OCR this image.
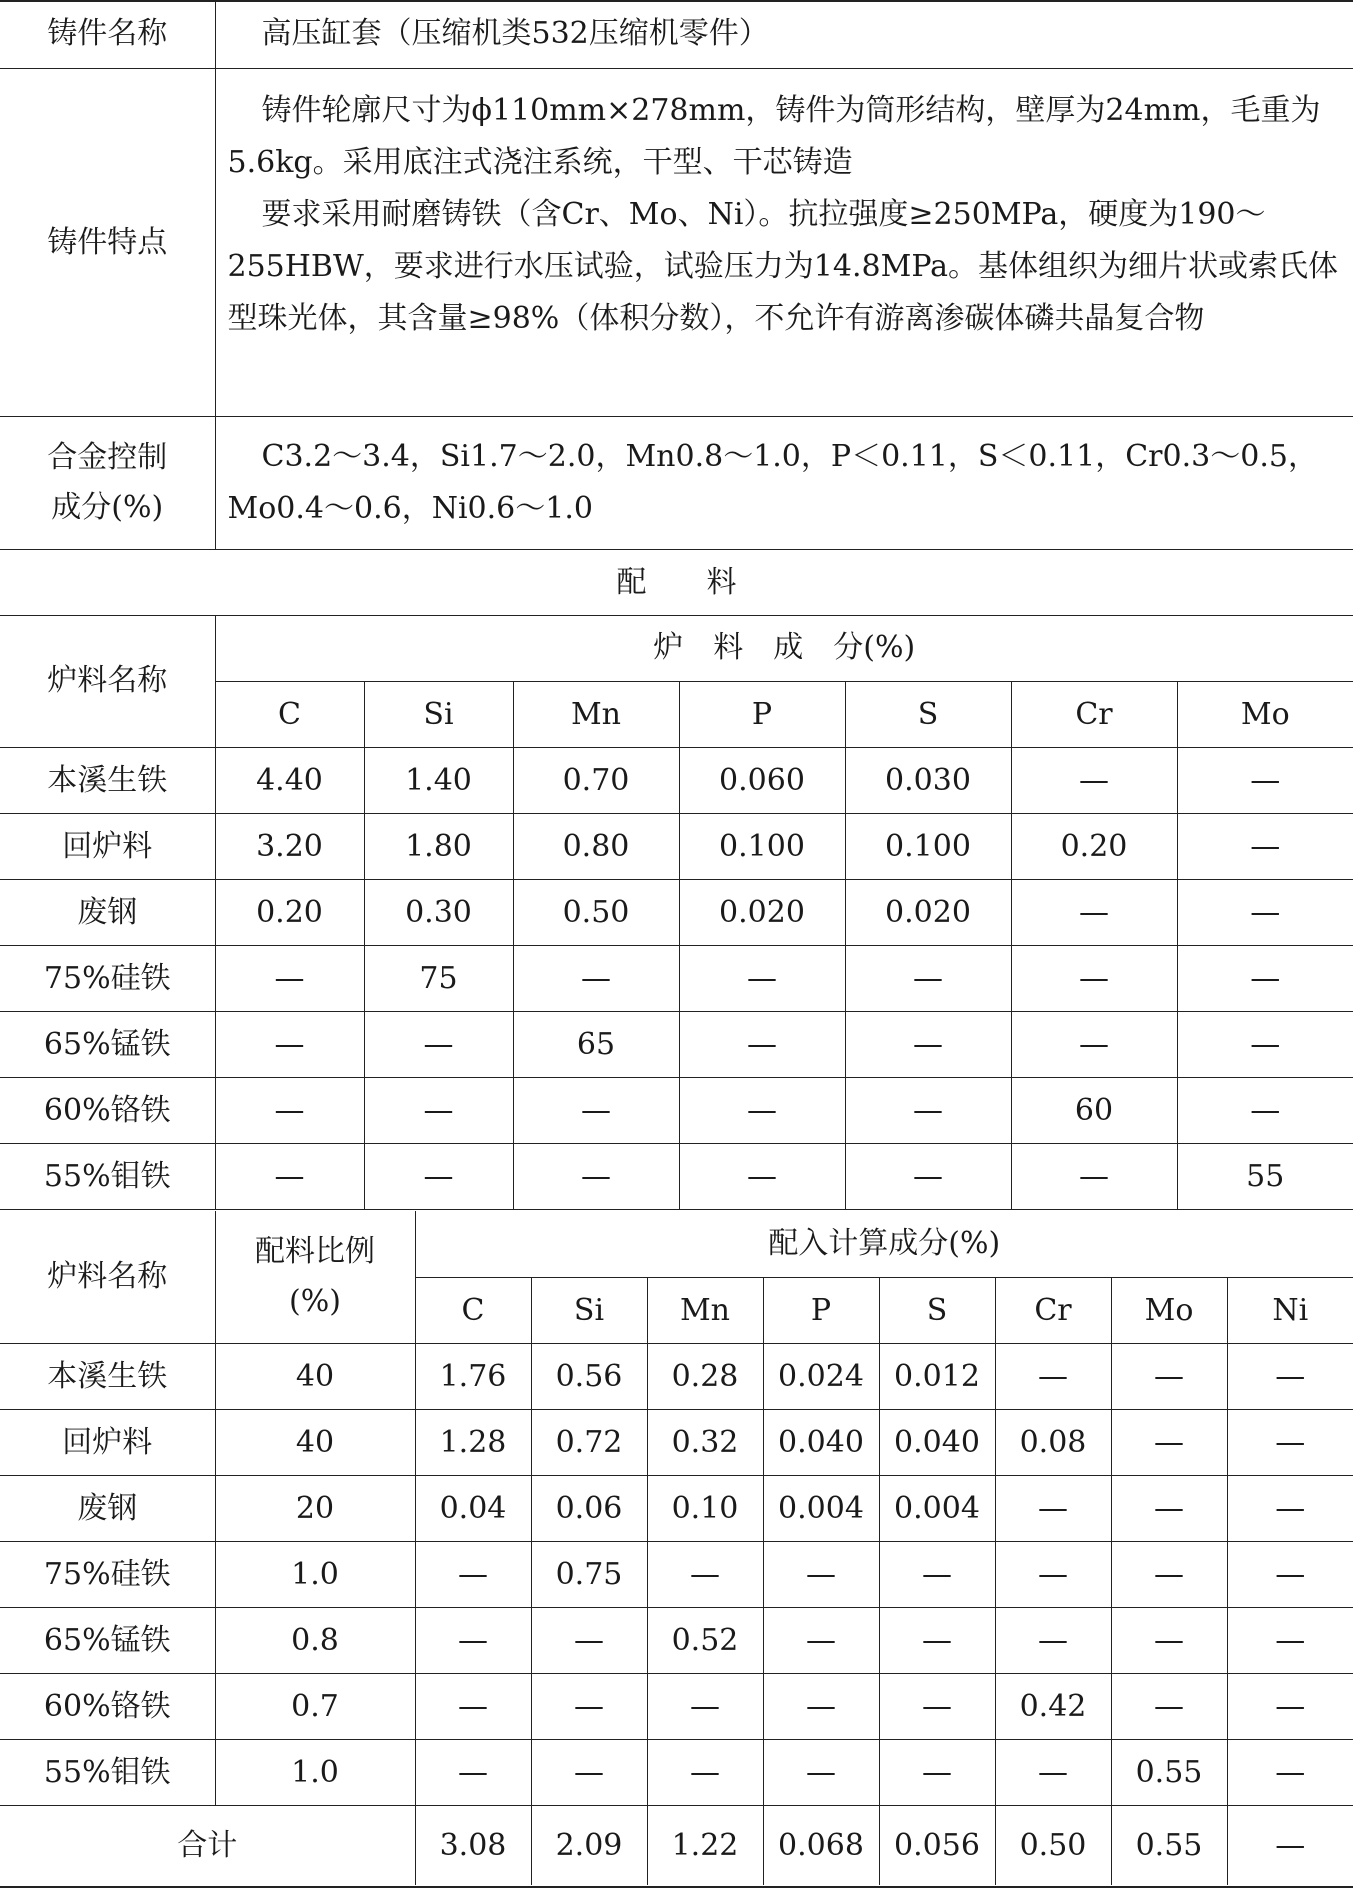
铸件名称	高压缸套（压缩机类532压缩机零件）

铸件特点	铸件轮廓尺寸为ϕ110mm×278mm，铸件为筒形结构，壁厚为24mm，毛重为5.6kg。采用底注式浇注系统，干型、干芯铸造

要求采用耐磨铸铁（含Cr、Mo、Ni）。抗拉强度≥250MPa，硬度为190～255HBW，要求进行水压试验，试验压力为14.8MPa。基体组织为细片状或索氏体型珠光体，其含量≥98%（体积分数），不允许有游离渗碳体磷共晶复合物

合金控制成分(%)	C3.2～3.4，Si1.7～2.0，Mn0.8～1.0，P＜0.11，S＜0.11，Cr0.3～0.5，Mo0.4～0.6，Ni0.6～1.0

配　　料	
炉料名称	炉　料　成　分(%)						
	C	Si	Mn	P	S	Cr	Mo
本溪生铁	4.40	1.40	0.70	0.060	0.030	—	—
回炉料	3.20	1.80	0.80	0.100	0.100	0.20	—
废钢	0.20	0.30	0.50	0.020	0.020	—	—
75%硅铁	—	75	—	—	—	—	—
65%锰铁	—	—	65	—	—	—	—
60%铬铁	—	—	—	—	—	60	—
55%钼铁	—	—	—	—	—	—	55
炉料名称	配料比例(%)	配入计算成分(%)							
		C	Si	Mn	P	S	Cr	Mo	Ni
本溪生铁	40	1.76	0.56	0.28	0.024	0.012	—	—	—
回炉料	40	1.28	0.72	0.32	0.040	0.040	0.08	—	—
废钢	20	0.04	0.06	0.10	0.004	0.004	—	—	—
75%硅铁	1.0	—	0.75	—	—	—	—	—	—
65%锰铁	0.8	—	—	0.52	—	—	—	—	—
60%铬铁	0.7	—	—	—	—	—	0.42	—	—
55%钼铁	1.0	—	—	—	—	—	—	0.55	—
合计		3.08	2.09	1.22	0.068	0.056	0.50	0.55	—
